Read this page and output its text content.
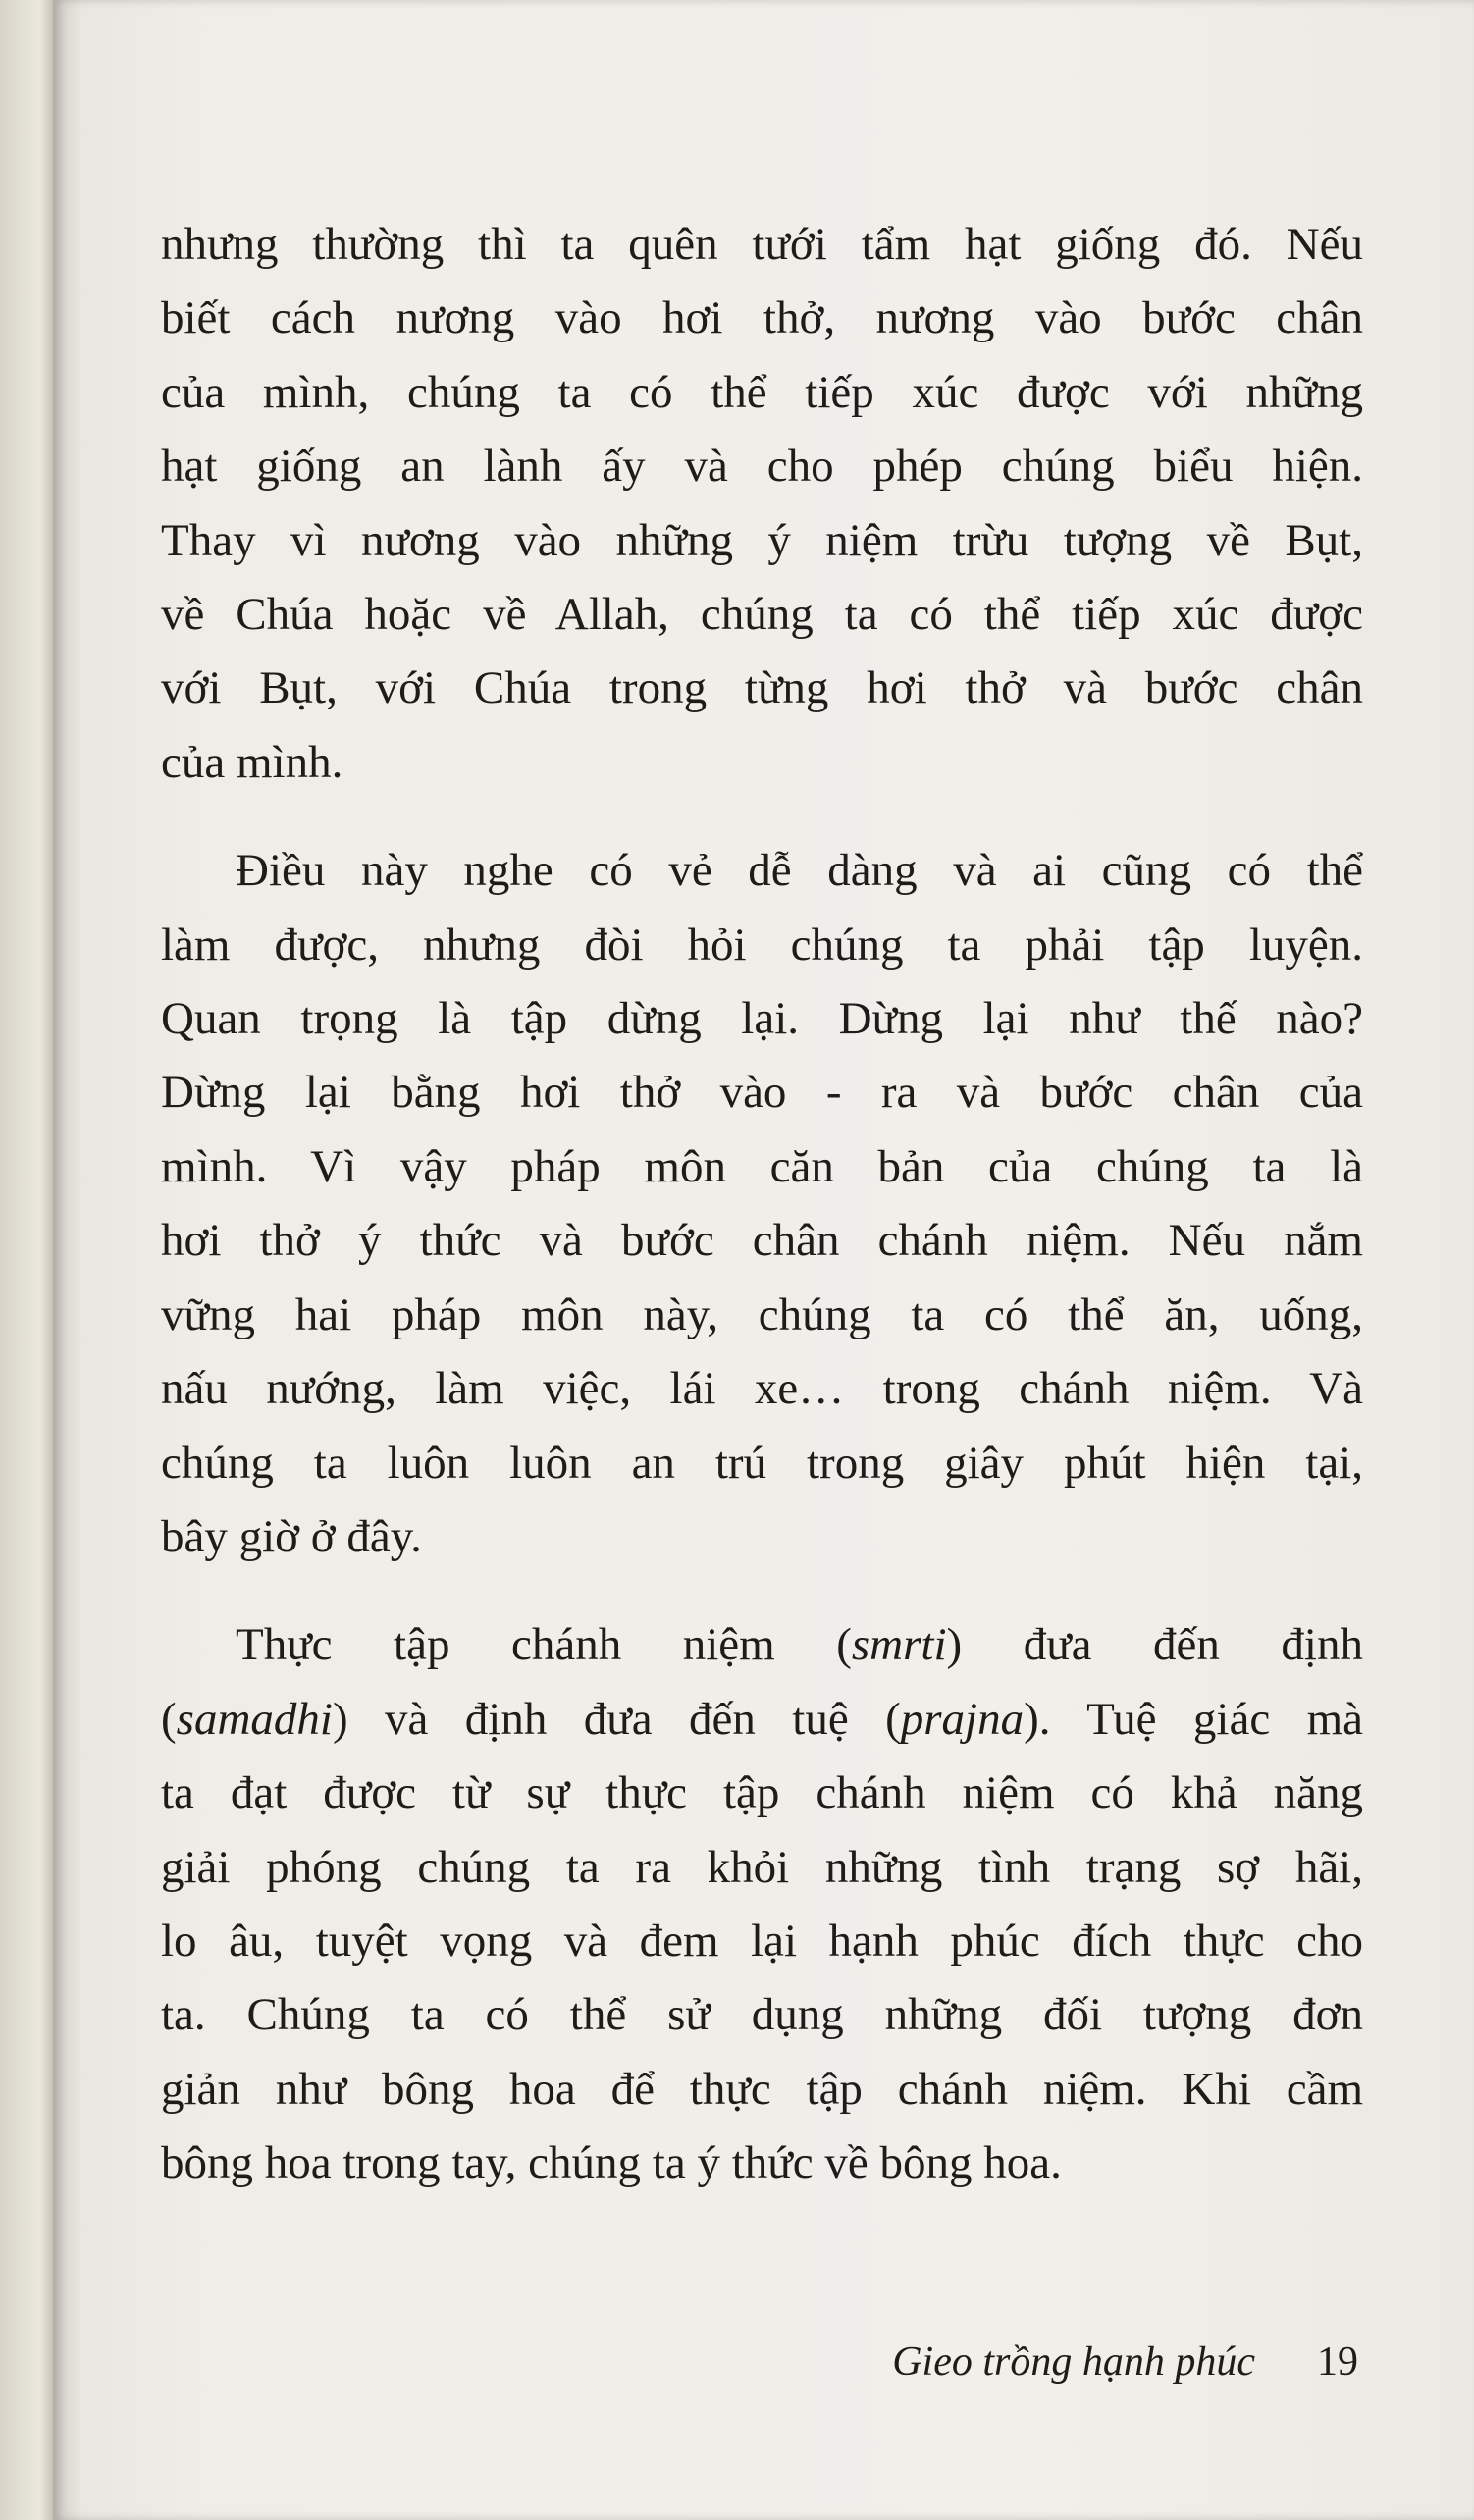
nhưng thường thì ta quên tưới tẩm hạt giống đó. Nếu
biết cách nương vào hơi thở, nương vào bước chân
của mình, chúng ta có thể tiếp xúc được với những
hạt giống an lành ấy và cho phép chúng biểu hiện.
Thay vì nương vào những ý niệm trừu tượng về Bụt,
về Chúa hoặc về Allah, chúng ta có thể tiếp xúc được
với Bụt, với Chúa trong từng hơi thở và bước chân
của mình.

Điều này nghe có vẻ dễ dàng và ai cũng có thể
làm được, nhưng đòi hỏi chúng ta phải tập luyện.
Quan trọng là tập dừng lại. Dừng lại như thế nào?
Dừng lại bằng hơi thở vào - ra và bước chân của
mình. Vì vậy pháp môn căn bản của chúng ta là
hơi thở ý thức và bước chân chánh niệm. Nếu nắm
vững hai pháp môn này, chúng ta có thể ăn, uống,
nấu nướng, làm việc, lái xe… trong chánh niệm. Và
chúng ta luôn luôn an trú trong giây phút hiện tại,
bây giờ ở đây.

Thực tập chánh niệm (smrti) đưa đến định
(samadhi) và định đưa đến tuệ (prajna). Tuệ giác mà
ta đạt được từ sự thực tập chánh niệm có khả năng
giải phóng chúng ta ra khỏi những tình trạng sợ hãi,
lo âu, tuyệt vọng và đem lại hạnh phúc đích thực cho
ta. Chúng ta có thể sử dụng những đối tượng đơn
giản như bông hoa để thực tập chánh niệm. Khi cầm
bông hoa trong tay, chúng ta ý thức về bông hoa.

Gieo trồng hạnh phúc 19
